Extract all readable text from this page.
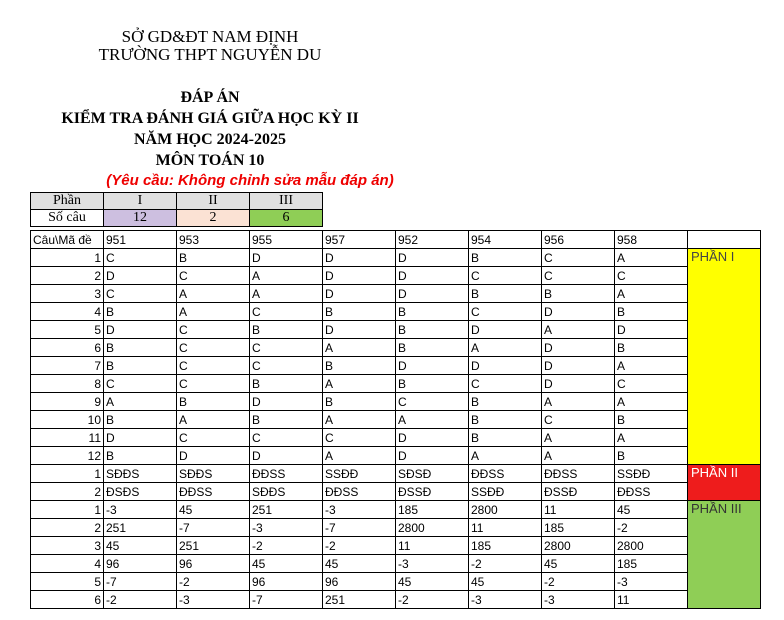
SỞ GD&ĐT NAM ĐỊNH
TRƯỜNG THPT NGUYỄN DU
ĐÁP ÁN
KIỂM TRA ĐÁNH GIÁ GIỮA HỌC KỲ II
NĂM HỌC 2024-2025
MÔN TOÁN 10
(Yêu cầu: Không chỉnh sửa mẫu đáp án)
Phần	I	II	III
Số câu	12	2	6
Câu\Mã đề	951	953	955	957	952	954	956	958	
1	C	B	D	D	D	B	C	A	PHẦN I
2	D	C	A	D	D	C	C	C	
3	C	A	A	D	D	B	B	A	
4	B	A	C	B	B	C	D	B	
5	D	C	B	D	B	D	A	D	
6	B	C	C	A	B	A	D	B	
7	B	C	C	B	D	D	D	A	
8	C	C	B	A	B	C	D	C	
9	A	B	D	B	C	B	A	A	
10	B	A	B	A	A	B	C	B	
11	D	C	C	C	D	B	A	A	
12	B	D	D	A	D	A	A	B	
1	SĐĐS	SĐĐS	ĐĐSS	SSĐĐ	SĐSĐ	ĐĐSS	ĐĐSS	SSĐĐ	PHẦN II
2	ĐSĐS	ĐĐSS	SĐĐS	ĐĐSS	ĐSSĐ	SSĐĐ	ĐSSĐ	ĐĐSS	
1	-3	45	251	-3	185	2800	11	45	PHẦN III
2	251	-7	-3	-7	2800	11	185	-2	
3	45	251	-2	-2	11	185	2800	2800	
4	96	96	45	45	-3	-2	45	185	
5	-7	-2	96	96	45	45	-2	-3	
6	-2	-3	-7	251	-2	-3	-3	11	
